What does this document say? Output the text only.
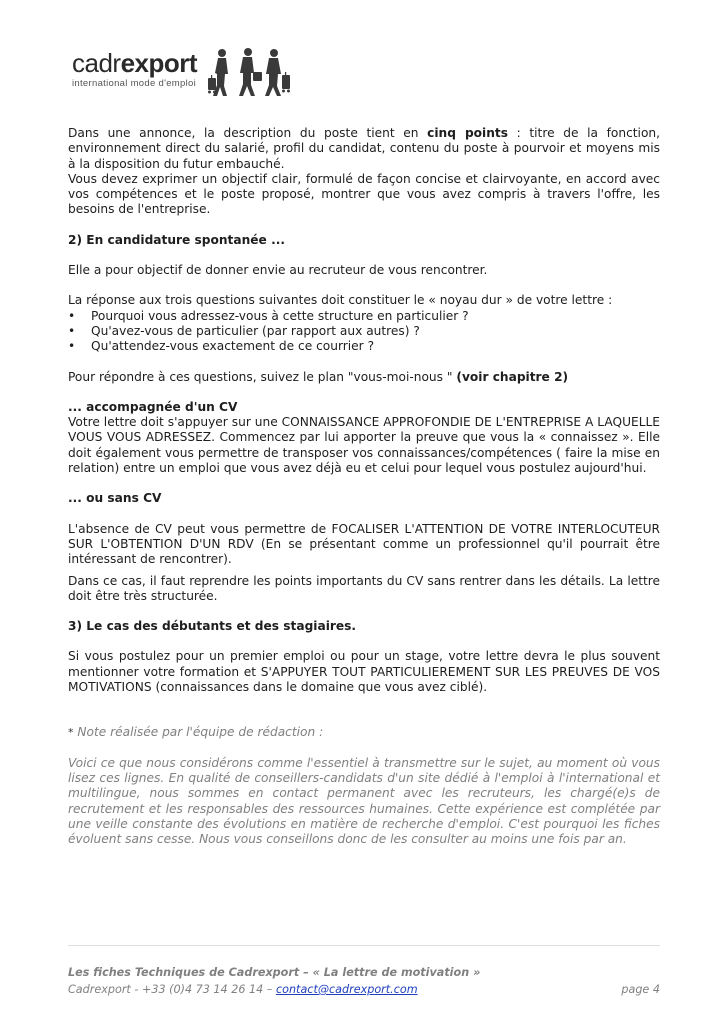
cadrexport
international mode d'emploi

Dans une annonce, la description du poste tient en cinq points : titre de la fonction, environnement direct du salarié, profil du candidat, contenu du poste à pourvoir et moyens mis à la disposition du futur embauché.

Vous devez exprimer un objectif clair, formulé de façon concise et clairvoyante, en accord avec vos compétences et le poste proposé, montrer que vous avez compris à travers l'offre, les besoins de l'entreprise.

2) En candidature spontanée ...

Elle a pour objectif de donner envie au recruteur de vous rencontrer.

La réponse aux trois questions suivantes doit constituer le « noyau dur » de votre lettre :

• Pourquoi vous adressez-vous à cette structure en particulier ?
• Qu'avez-vous de particulier (par rapport aux autres) ?
• Qu'attendez-vous exactement de ce courrier ?

Pour répondre à ces questions, suivez le plan "vous-moi-nous " (voir chapitre 2)

... accompagnée d'un CV

Votre lettre doit s'appuyer sur une CONNAISSANCE APPROFONDIE DE L'ENTREPRISE A LAQUELLE VOUS VOUS ADRESSEZ. Commencez par lui apporter la preuve que vous la « connaissez ». Elle doit également vous permettre de transposer vos connaissances/compétences ( faire la mise en relation) entre un emploi que vous avez déjà eu et celui pour lequel vous postulez aujourd'hui.

... ou sans CV

L'absence de CV peut vous permettre de FOCALISER L'ATTENTION DE VOTRE INTERLOCUTEUR SUR L'OBTENTION D'UN RDV (En se présentant comme un professionnel qu'il pourrait être intéressant de rencontrer).

Dans ce cas, il faut reprendre les points importants du CV sans rentrer dans les détails. La lettre doit être très structurée.

3) Le cas des débutants et des stagiaires.

Si vous postulez pour un premier emploi ou pour un stage, votre lettre devra le plus souvent mentionner votre formation et S'APPUYER TOUT PARTICULIEREMENT SUR LES PREUVES DE VOS MOTIVATIONS (connaissances dans le domaine que vous avez ciblé).

* Note réalisée par l'équipe de rédaction :

Voici ce que nous considérons comme l'essentiel à transmettre sur le sujet, au moment où vous lisez ces lignes. En qualité de conseillers-candidats d'un site dédié à l'emploi à l'international et multilingue, nous sommes en contact permanent avec les recruteurs, les chargé(e)s de recrutement et les responsables des ressources humaines. Cette expérience est complétée par une veille constante des évolutions en matière de recherche d'emploi. C'est pourquoi les fiches évoluent sans cesse. Nous vous conseillons donc de les consulter au moins une fois par an.

Les fiches Techniques de Cadrexport – « La lettre de motivation »
Cadrexport - +33 (0)4 73 14 26 14 – contact@cadrexport.com	page 4
